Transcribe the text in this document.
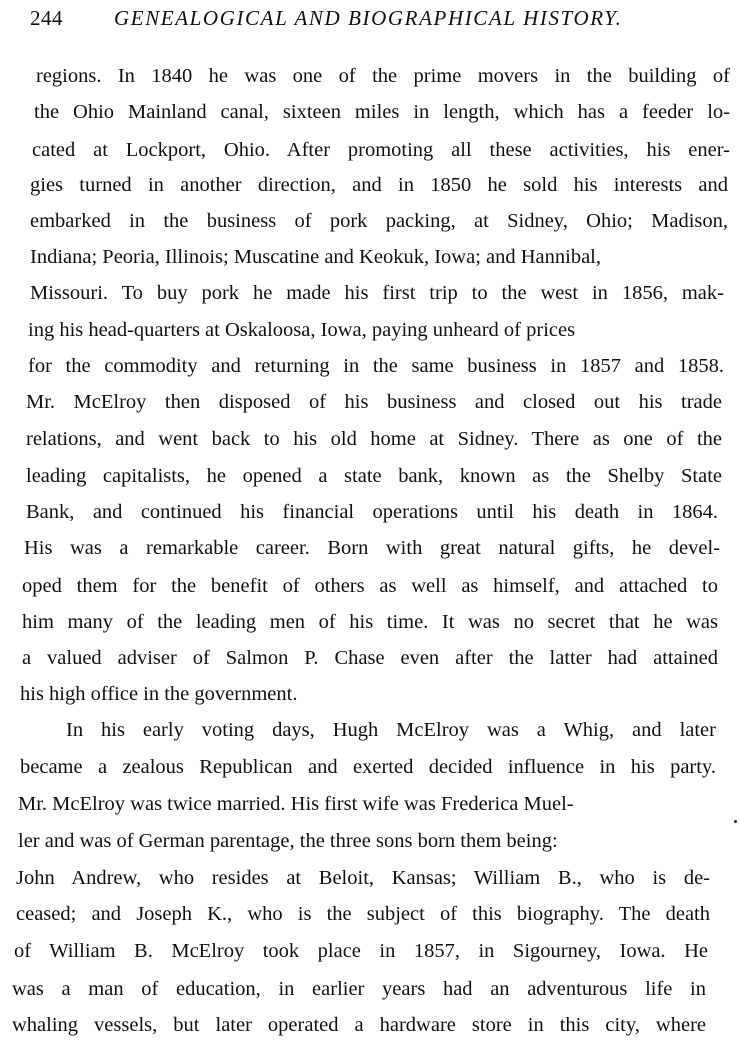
244 GENEALOGICAL AND BIOGRAPHICAL HISTORY.
regions. In 1840 he was one of the prime movers in the building of
the Ohio Mainland canal, sixteen miles in length, which has a feeder lo-
cated at Lockport, Ohio. After promoting all these activities, his ener-
gies turned in another direction, and in 1850 he sold his interests and
embarked in the business of pork packing, at Sidney, Ohio; Madison,
Indiana; Peoria, Illinois; Muscatine and Keokuk, Iowa; and Hannibal,
Missouri. To buy pork he made his first trip to the west in 1856, mak-
ing his head-quarters at Oskaloosa, Iowa, paying unheard of prices
for the commodity and returning in the same business in 1857 and 1858.
Mr. McElroy then disposed of his business and closed out his trade
relations, and went back to his old home at Sidney. There as one of the
leading capitalists, he opened a state bank, known as the Shelby State
Bank, and continued his financial operations until his death in 1864.
His was a remarkable career. Born with great natural gifts, he devel-
oped them for the benefit of others as well as himself, and attached to
him many of the leading men of his time. It was no secret that he was
a valued adviser of Salmon P. Chase even after the latter had attained
his high office in the government.
In his early voting days, Hugh McElroy was a Whig, and later
became a zealous Republican and exerted decided influence in his party.
Mr. McElroy was twice married. His first wife was Frederica Muel-
ler and was of German parentage, the three sons born them being:
John Andrew, who resides at Beloit, Kansas; William B., who is de-
ceased; and Joseph K., who is the subject of this biography. The death
of William B. McElroy took place in 1857, in Sigourney, Iowa. He
was a man of education, in earlier years had an adventurous life in
whaling vessels, but later operated a hardware store in this city, where
